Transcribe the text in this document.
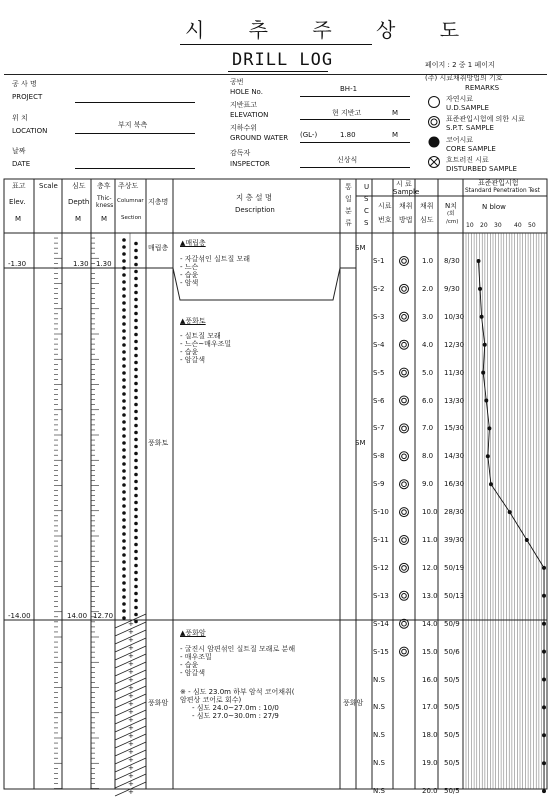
시 추 주 상 도
DRILL LOG	페이지 : 2 중 1 페이지
공 사 명
PROJECT
위 치
LOCATION
부지 북측
날짜
DATE
공번
HOLE No.	BH-1
지반표고
ELEVATION	현 지반고	M
지하수위
GROUND WATER (GL-)	1.80	M
감독자
INSPECTOR	신상식
(주) 시료채취방법의 기호
REMARKS
자연시료
U.D.SAMPLE
표준관입시험에 의한 시료
S.P.T. SAMPLE
코어시료
CORE SAMPLE
흐트러진 시료
DISTURBED SAMPLE
+
+
+
+
+
+
+
+
+
+
+
+
+
+
+
+
+
+
+
+
+
+
표고
Elev.
M
Scale 심도
Depth
M
층후
Thic-
kness
M
주상도
Columnar
Section
지층명	지 층 설 명
Description
통
일
분
류
U
S
C
S
시 료
Sample
시료
번호
채취
방법
채취
심도
N치
(회
/cm)
표준관입시험
Standard Penetration Test
N blow
10 20 30 40 50
-1.30	1.30 1.30
매립층	SM
▲매립층
- 자갈섞인 실트질 모래
- 느슨
- 습윤
- 암색
-14.00	14.00 12.70
풍화토	SM
▲풍화토
- 실트질 모래
- 느슨~매우조밀
- 습윤
- 암갈색
풍화암	풍화암
▲풍화암
- 굴진시 암편섞인 실트질 모래로 분해
- 매우조밀
- 습윤
- 암갈색
※ - 심도 23.0m 하부 암석 코어채취(
암편상 코어로 회수)
- 심도 24.0~27.0m : 10/0
- 심도 27.0~30.0m : 27/9
S-1	1.0 8/30
S-2	2.0 9/30
S-3	3.0 10/30
S-4	4.0 12/30
S-5	5.0 11/30
S-6	6.0 13/30
S-7	7.0 15/30
S-8	8.0 14/30
S-9	9.0 16/30
S-10	10.0 28/30
S-11	11.0 39/30
S-12	12.0 50/19
S-13	13.0 50/13
S-14	14.0 50/9
S-15	15.0 50/6
N.S	16.0 50/5
N.S	17.0 50/5
N.S	18.0 50/5
N.S	19.0 50/5
N.S	20.0 50/5
